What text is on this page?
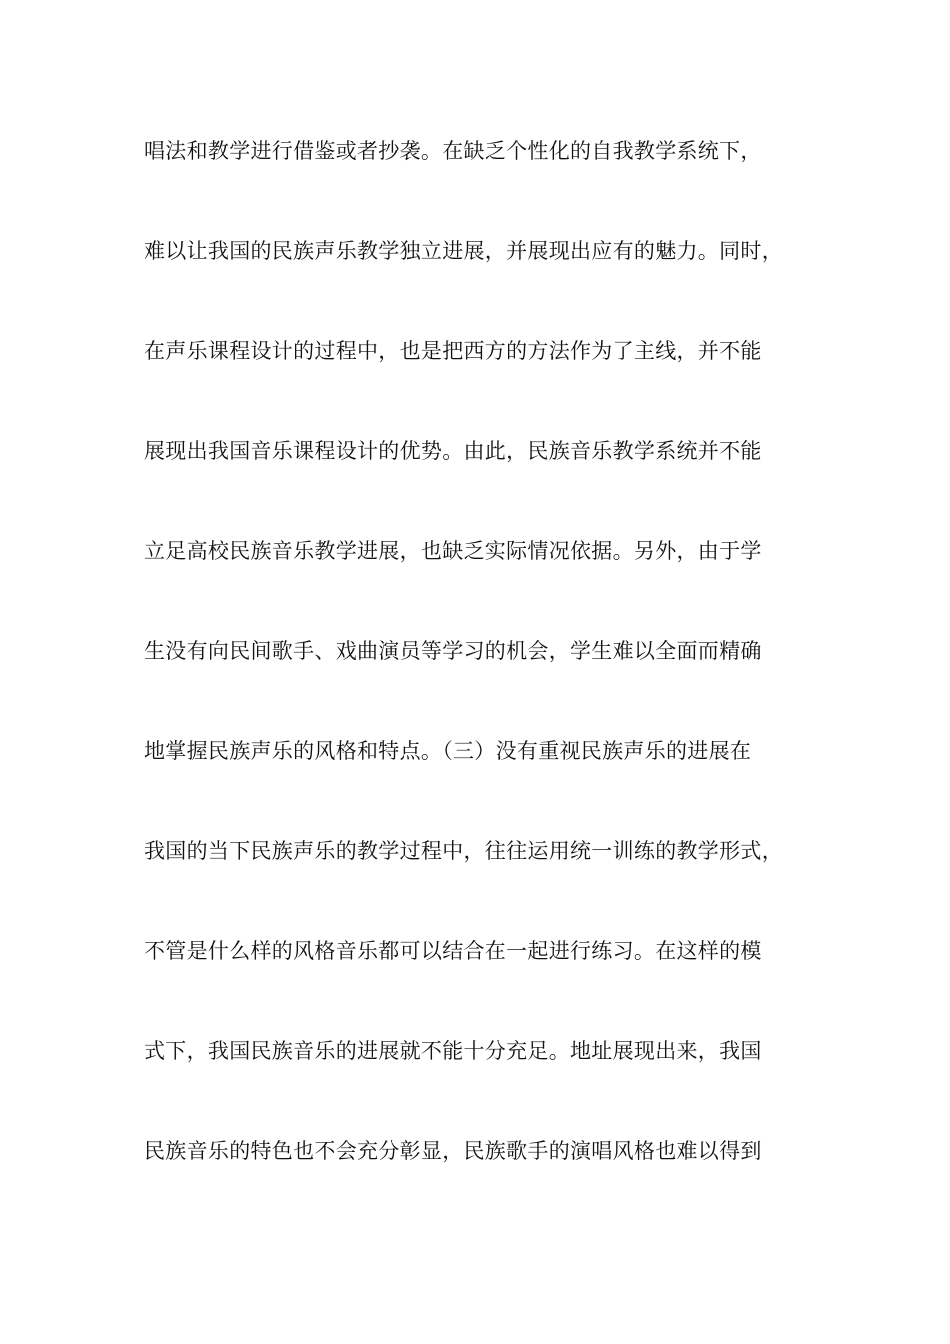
唱法和教学进行借鉴或者抄袭。在缺乏个性化的自我教学系统下，
难以让我国的民族声乐教学独立进展，并展现出应有的魅力。同时，
在声乐课程设计的过程中，也是把西方的方法作为了主线，并不能
展现出我国音乐课程设计的优势。由此，民族音乐教学系统并不能
立足高校民族音乐教学进展，也缺乏实际情况依据。另外，由于学
生没有向民间歌手、戏曲演员等学习的机会，学生难以全面而精确
地掌握民族声乐的风格和特点。（三）没有重视民族声乐的进展在
我国的当下民族声乐的教学过程中，往往运用统一训练的教学形式，
不管是什么样的风格音乐都可以结合在一起进行练习。在这样的模
式下，我国民族音乐的进展就不能十分充足。地址展现出来，我国
民族音乐的特色也不会充分彰显，民族歌手的演唱风格也难以得到
